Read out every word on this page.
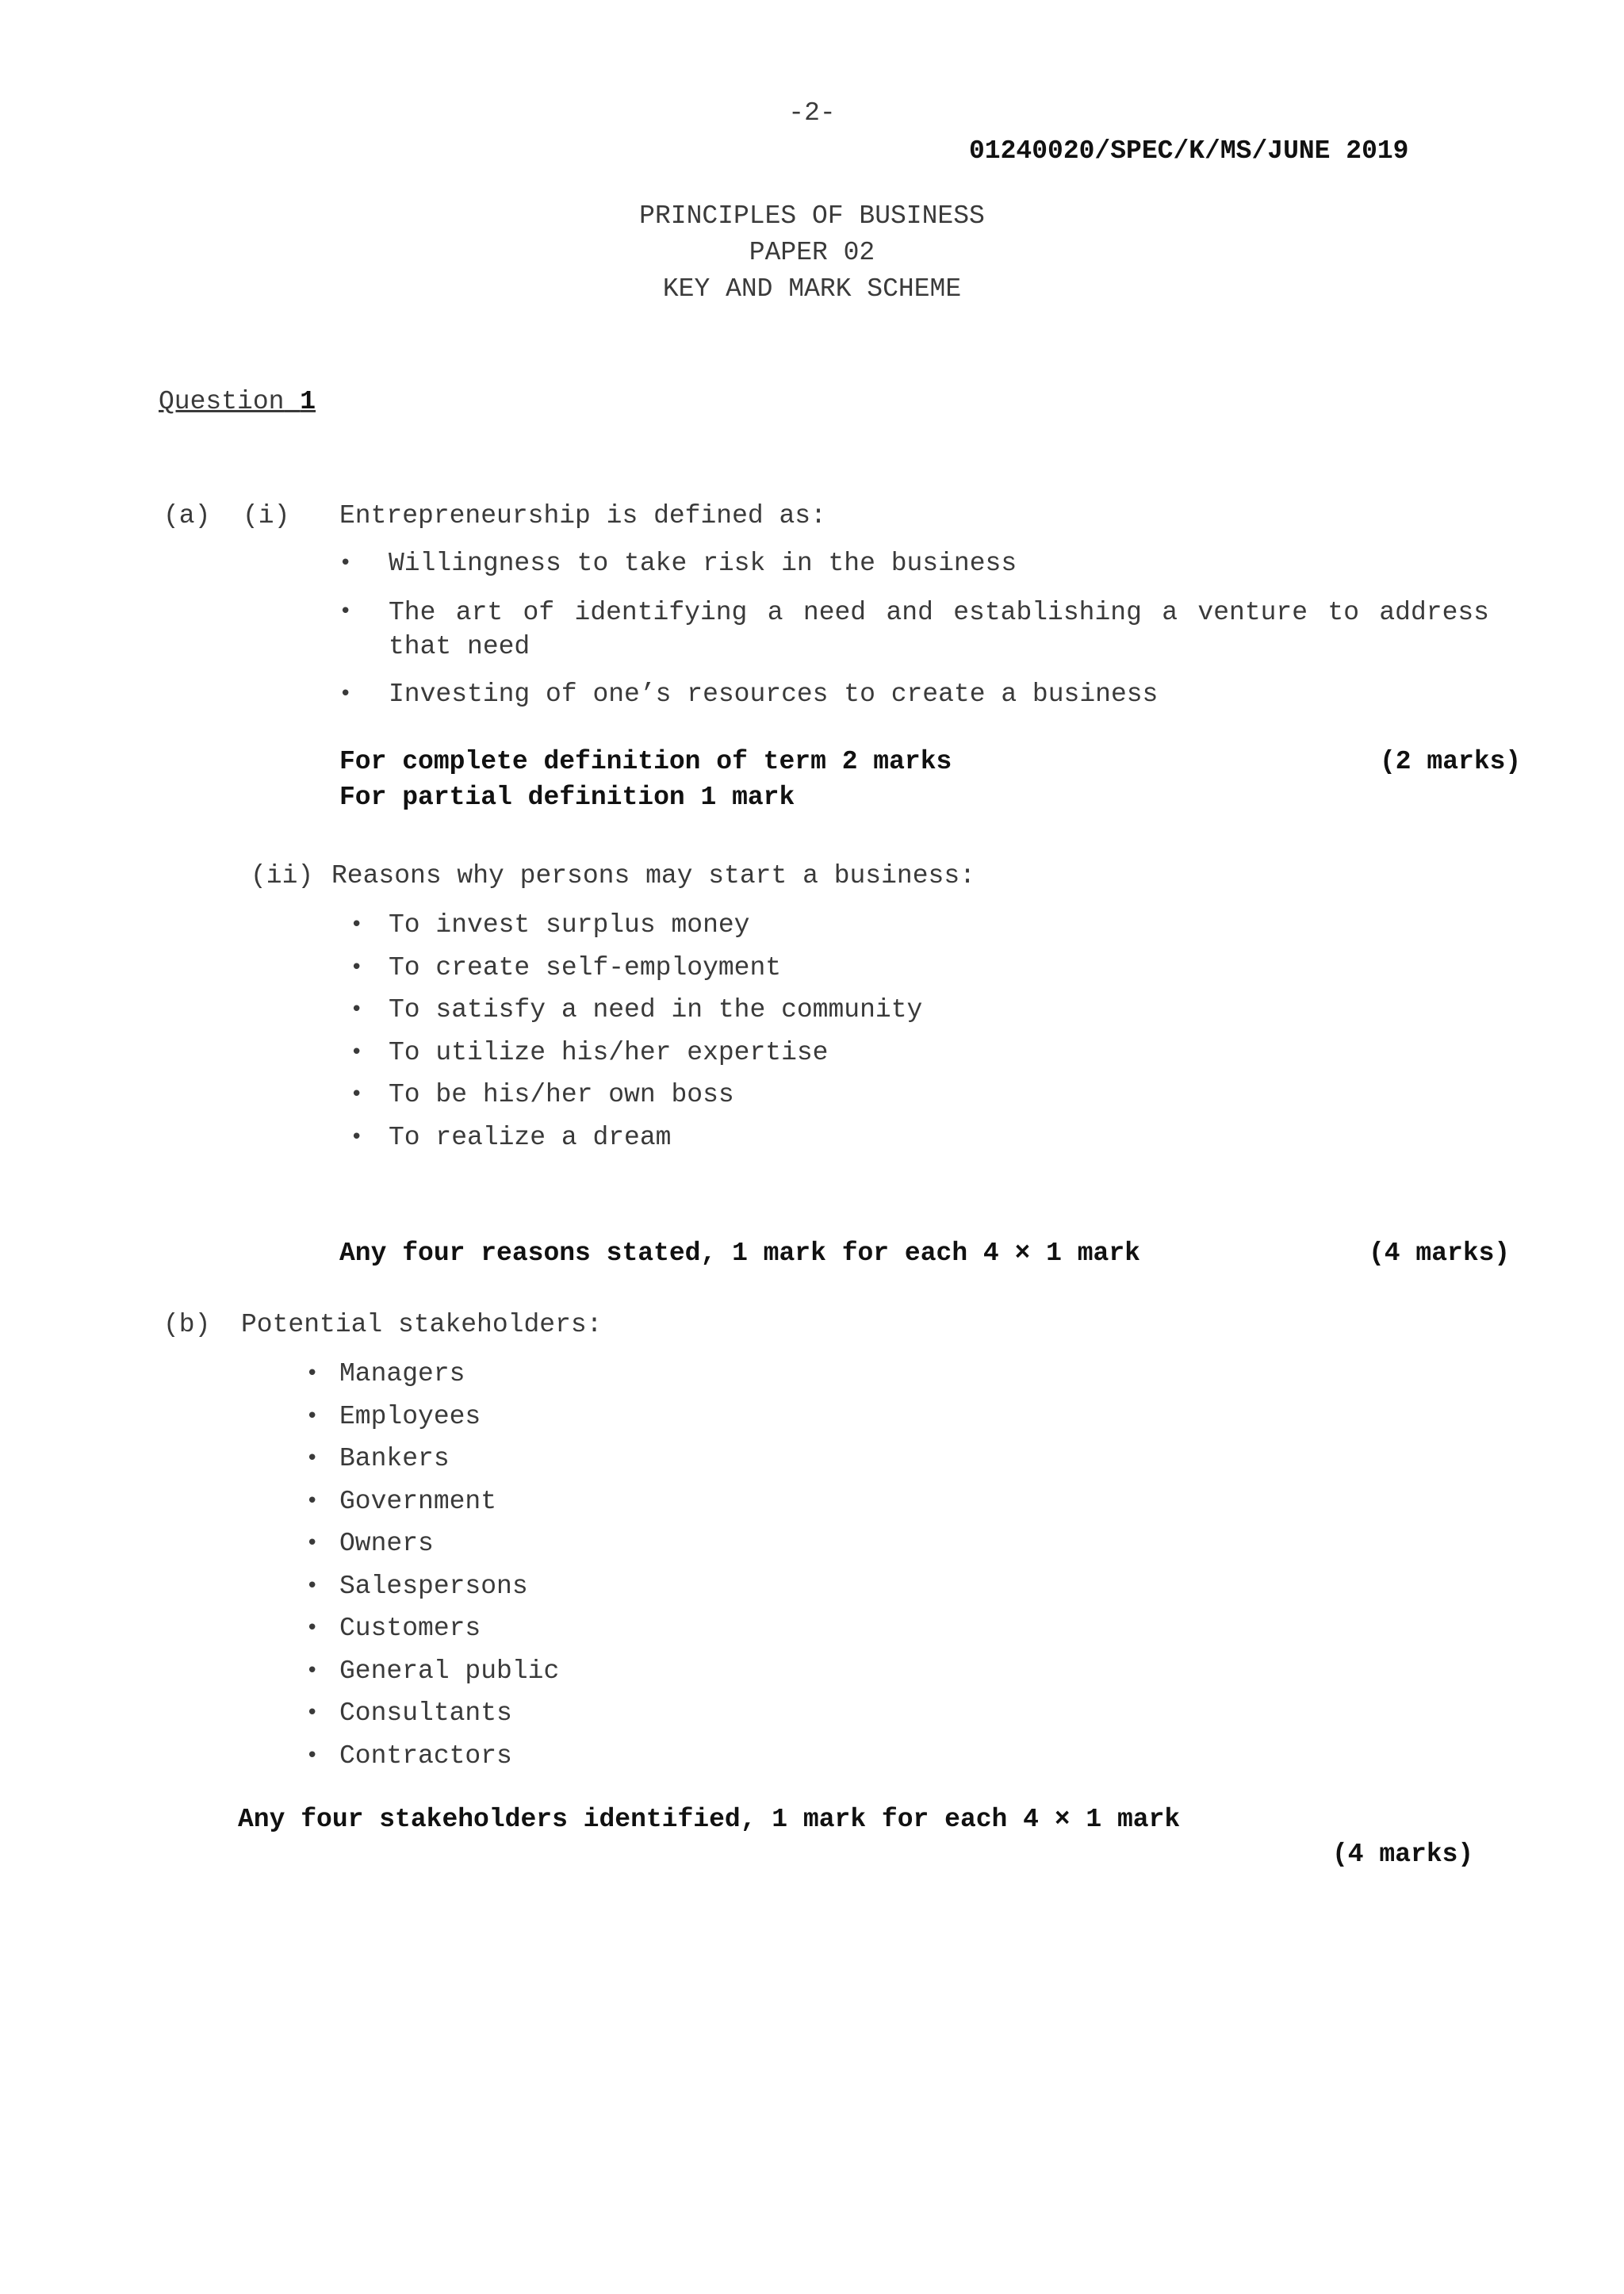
-2-
01240020/SPEC/K/MS/JUNE 2019
PRINCIPLES OF BUSINESS
PAPER 02
KEY AND MARK SCHEME
Question 1
(a) (i) Entrepreneurship is defined as:
• Willingness to take risk in the business
• The art of identifying a need and establishing a venture to address that need
• Investing of one’s resources to create a business
For complete definition of term 2 marks	(2 marks)
For partial definition 1 mark
(ii) Reasons why persons may start a business:
• To invest surplus money
• To create self-employment
• To satisfy a need in the community
• To utilize his/her expertise
• To be his/her own boss
• To realize a dream
Any four reasons stated, 1 mark for each 4 × 1 mark	(4 marks)
(b) Potential stakeholders:
• Managers
• Employees
• Bankers
• Government
• Owners
• Salespersons
• Customers
• General public
• Consultants
• Contractors
Any four stakeholders identified, 1 mark for each 4 × 1 mark
(4 marks)
